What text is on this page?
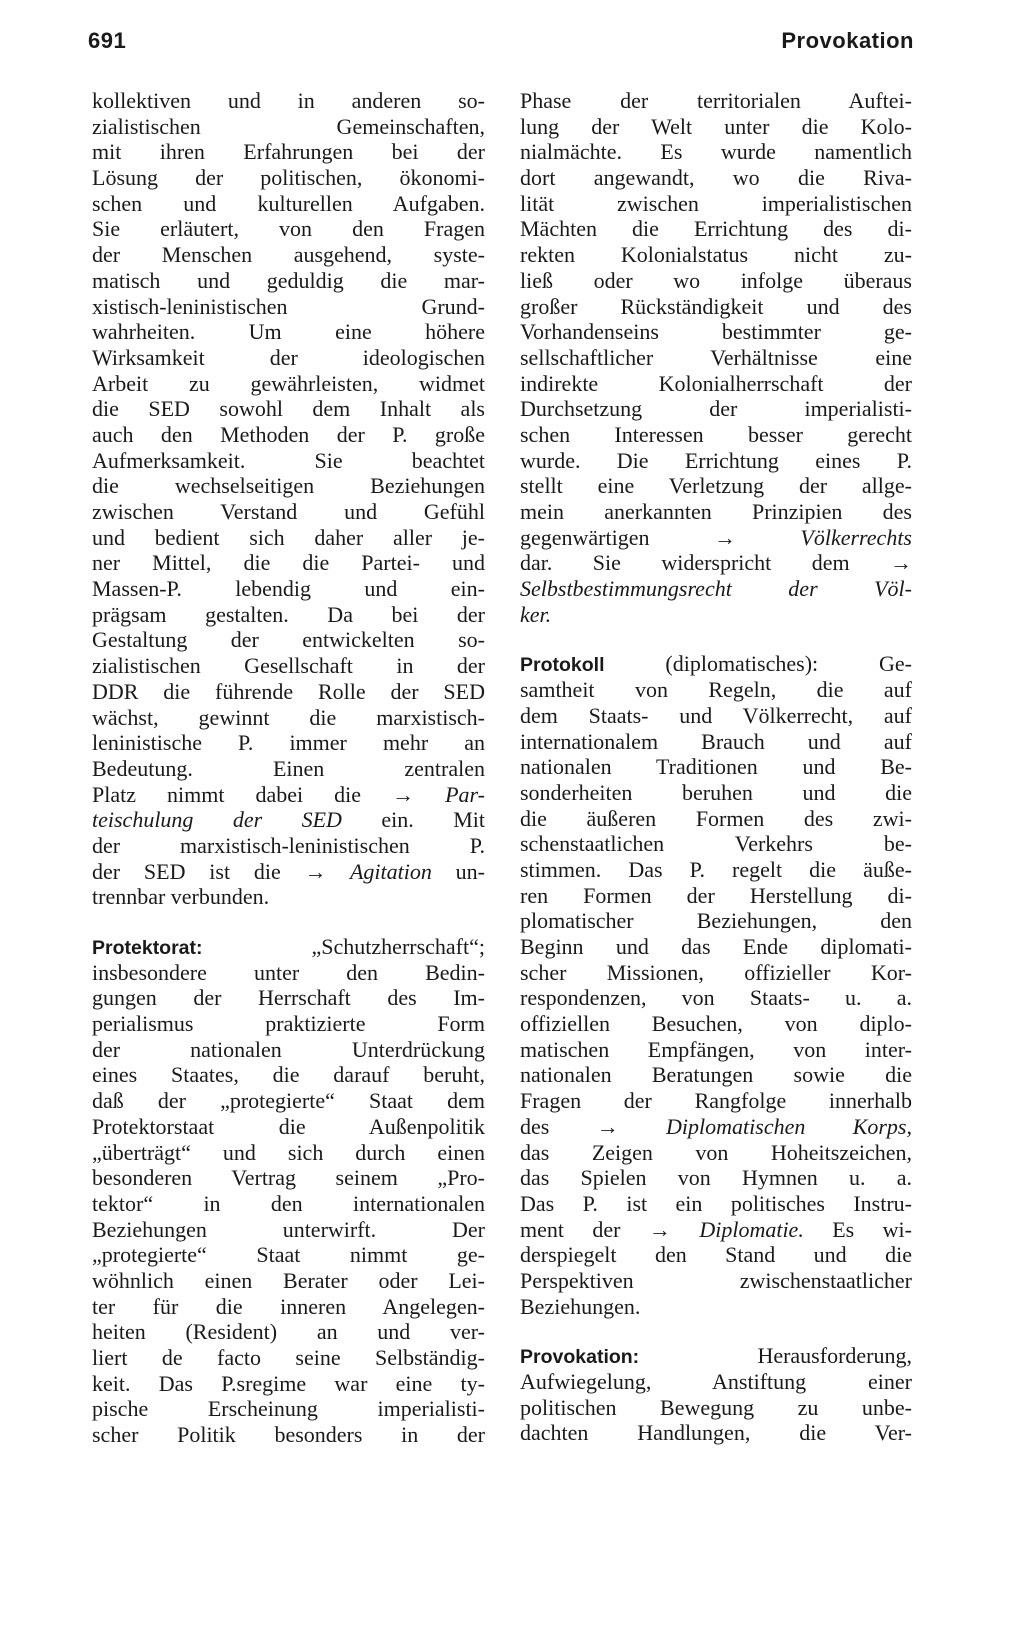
691	Provokation
kollektiven und in anderen so-
zialistischen Gemeinschaften,
mit ihren Erfahrungen bei der
Lösung der politischen, ökonomi-
schen und kulturellen Aufgaben.
Sie erläutert, von den Fragen
der Menschen ausgehend, syste-
matisch und geduldig die mar-
xistisch-leninistischen Grund-
wahrheiten. Um eine höhere
Wirksamkeit der ideologischen
Arbeit zu gewährleisten, widmet
die SED sowohl dem Inhalt als
auch den Methoden der P. große
Aufmerksamkeit. Sie beachtet
die wechselseitigen Beziehungen
zwischen Verstand und Gefühl
und bedient sich daher aller je-
ner Mittel, die die Partei- und
Massen-P. lebendig und ein-
prägsam gestalten. Da bei der
Gestaltung der entwickelten so-
zialistischen Gesellschaft in der
DDR die führende Rolle der SED
wächst, gewinnt die marxistisch-
leninistische P. immer mehr an
Bedeutung. Einen zentralen
Platz nimmt dabei die → Par-
teischulung der SED ein. Mit
der marxistisch-leninistischen P.
der SED ist die → Agitation un-
trennbar verbunden.
Protektorat: „Schutzherrschaft“;
insbesondere unter den Bedin-
gungen der Herrschaft des Im-
perialismus praktizierte Form
der nationalen Unterdrückung
eines Staates, die darauf beruht,
daß der „protegierte“ Staat dem
Protektorstaat die Außenpolitik
„überträgt“ und sich durch einen
besonderen Vertrag seinem „Pro-
tektor“ in den internationalen
Beziehungen unterwirft. Der
„protegierte“ Staat nimmt ge-
wöhnlich einen Berater oder Lei-
ter für die inneren Angelegen-
heiten (Resident) an und ver-
liert de facto seine Selbständig-
keit. Das P.sregime war eine ty-
pische Erscheinung imperialisti-
scher Politik besonders in der
Phase der territorialen Auftei-
lung der Welt unter die Kolo-
nialmächte. Es wurde namentlich
dort angewandt, wo die Riva-
lität zwischen imperialistischen
Mächten die Errichtung des di-
rekten Kolonialstatus nicht zu-
ließ oder wo infolge überaus
großer Rückständigkeit und des
Vorhandenseins bestimmter ge-
sellschaftlicher Verhältnisse eine
indirekte Kolonialherrschaft der
Durchsetzung der imperialisti-
schen Interessen besser gerecht
wurde. Die Errichtung eines P.
stellt eine Verletzung der allge-
mein anerkannten Prinzipien des
gegenwärtigen → Völkerrechts
dar. Sie widerspricht dem →
Selbstbestimmungsrecht der Völ-
ker.
Protokoll (diplomatisches): Ge-
samtheit von Regeln, die auf
dem Staats- und Völkerrecht, auf
internationalem Brauch und auf
nationalen Traditionen und Be-
sonderheiten beruhen und die
die äußeren Formen des zwi-
schenstaatlichen Verkehrs be-
stimmen. Das P. regelt die äuße-
ren Formen der Herstellung di-
plomatischer Beziehungen, den
Beginn und das Ende diplomati-
scher Missionen, offizieller Kor-
respondenzen, von Staats- u. a.
offiziellen Besuchen, von diplo-
matischen Empfängen, von inter-
nationalen Beratungen sowie die
Fragen der Rangfolge innerhalb
des → Diplomatischen Korps,
das Zeigen von Hoheitszeichen,
das Spielen von Hymnen u. a.
Das P. ist ein politisches Instru-
ment der → Diplomatie. Es wi-
derspiegelt den Stand und die
Perspektiven zwischenstaatlicher
Beziehungen.
Provokation: Herausforderung,
Aufwiegelung, Anstiftung einer
politischen Bewegung zu unbe-
dachten Handlungen, die Ver-
